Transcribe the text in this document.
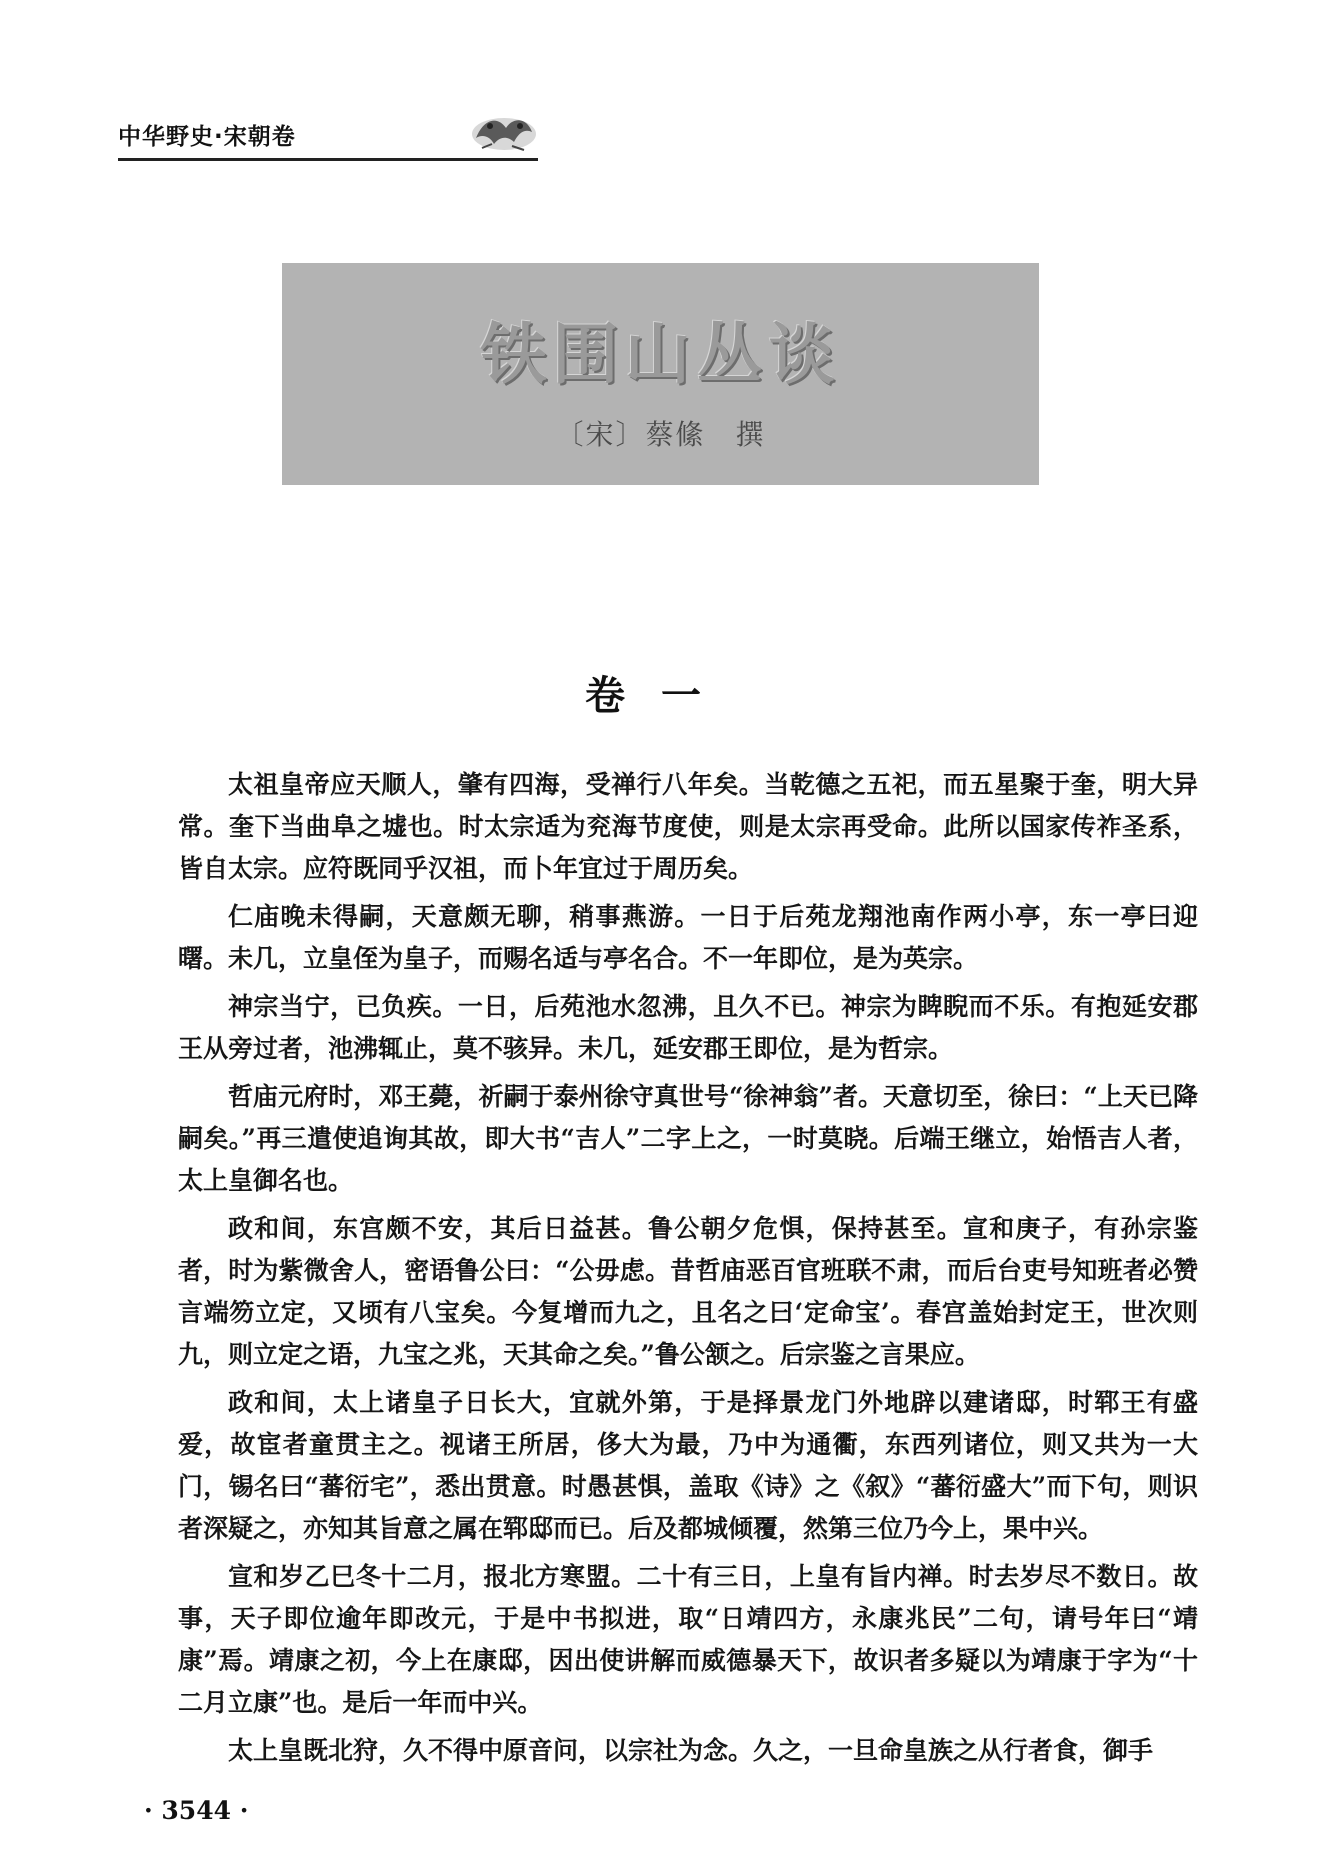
中华野史·宋朝卷
铁围山丛谈
〔宋〕蔡絛　撰
卷一

太祖皇帝应天顺人，肇有四海，受禅行八年矣。当乾德之五祀，而五星聚于奎，明大异常。奎下当曲阜之墟也。时太宗适为兖海节度使，则是太宗再受命。此所以国家传祚圣系，皆自太宗。应符既同乎汉祖，而卜年宜过于周历矣。

仁庙晚未得嗣，天意颇无聊，稍事燕游。一日于后苑龙翔池南作两小亭，东一亭曰迎曙。未几，立皇侄为皇子，而赐名适与亭名合。不一年即位，是为英宗。

神宗当宁，已负疾。一日，后苑池水忽沸，且久不已。神宗为睥睨而不乐。有抱延安郡王从旁过者，池沸辄止，莫不骇异。未几，延安郡王即位，是为哲宗。

哲庙元府时，邓王薨，祈嗣于泰州徐守真世号“徐神翁”者。天意切至，徐曰：“上天已降嗣矣。”再三遣使追询其故，即大书“吉人”二字上之，一时莫晓。后端王继立，始悟吉人者，太上皇御名也。

政和间，东宫颇不安，其后日益甚。鲁公朝夕危惧，保持甚至。宣和庚子，有孙宗鉴者，时为紫微舍人，密语鲁公曰：“公毋虑。昔哲庙恶百官班联不肃，而后台吏号知班者必赞言端笏立定，又顷有八宝矣。今复增而九之，且名之曰‘定命宝’。春宫盖始封定王，世次则九，则立定之语，九宝之兆，天其命之矣。”鲁公颔之。后宗鉴之言果应。

政和间，太上诸皇子日长大，宜就外第，于是择景龙门外地辟以建诸邸，时郓王有盛爱，故宦者童贯主之。视诸王所居，侈大为最，乃中为通衢，东西列诸位，则又共为一大门，锡名曰“蕃衍宅”，悉出贯意。时愚甚惧，盖取《诗》之《叙》“蕃衍盛大”而下句，则识者深疑之，亦知其旨意之属在郓邸而已。后及都城倾覆，然第三位乃今上，果中兴。

宣和岁乙巳冬十二月，报北方寒盟。二十有三日，上皇有旨内禅。时去岁尽不数日。故事，天子即位逾年即改元，于是中书拟进，取“日靖四方，永康兆民”二句，请号年曰“靖康”焉。靖康之初，今上在康邸，因出使讲解而威德暴天下，故识者多疑以为靖康于字为“十二月立康”也。是后一年而中兴。

太上皇既北狩，久不得中原音问，以宗社为念。久之，一旦命皇族之从行者食，御手

· 3544 ·
